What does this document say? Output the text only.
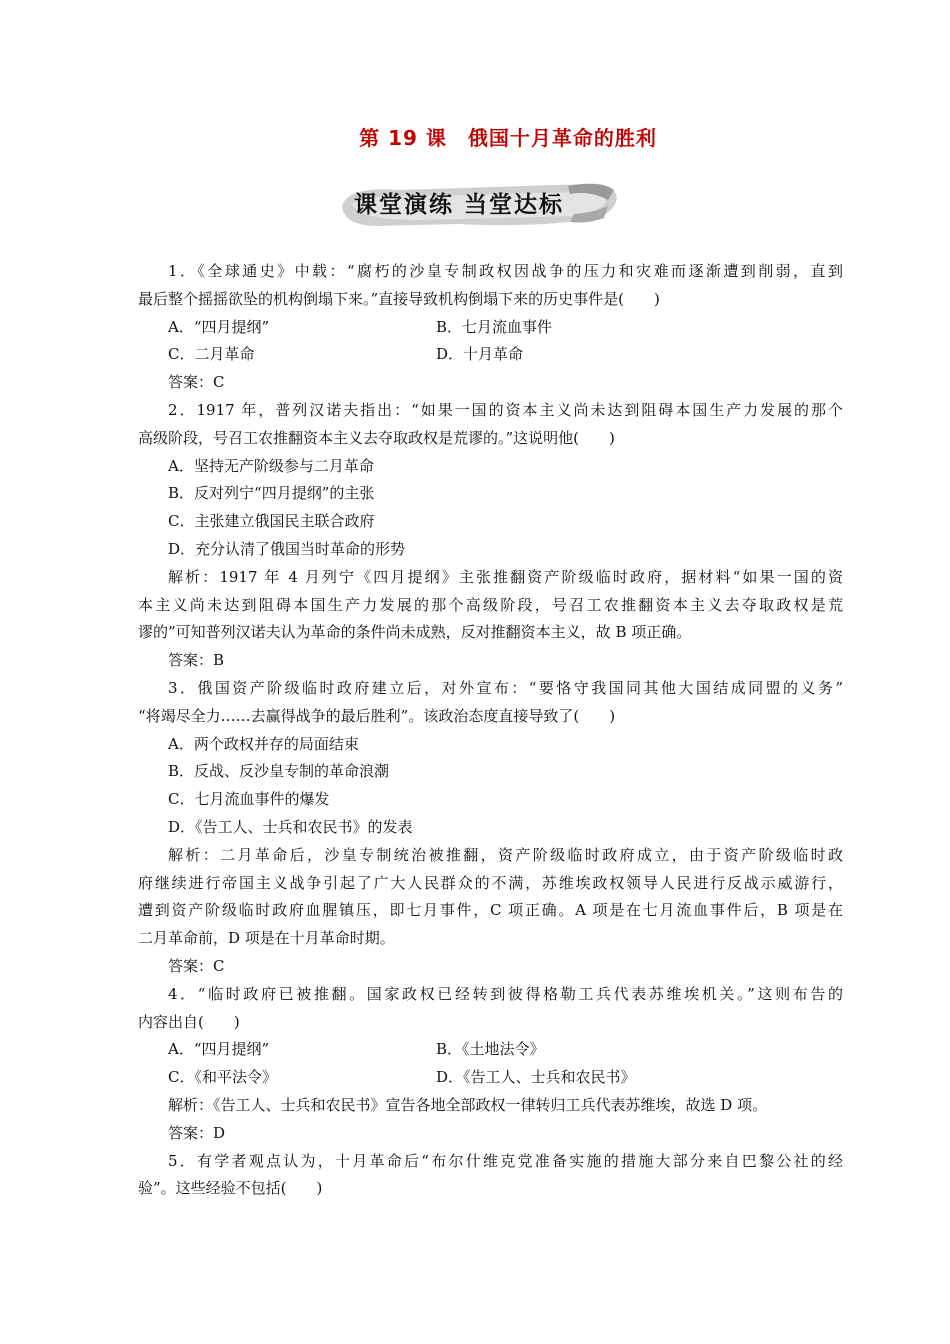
第 19 课　俄国十月革命的胜利
课堂演练 当堂达标
1．《全球通史》中载：“腐朽的沙皇专制政权因战争的压力和灾难而逐渐遭到削弱，直到
最后整个摇摇欲坠的机构倒塌下来。”直接导致机构倒塌下来的历史事件是(　　)
A．“四月提纲”	B．七月流血事件
C．二月革命	D．十月革命
答案：C
2．1917 年，普列汉诺夫指出：“如果一国的资本主义尚未达到阻碍本国生产力发展的那个
高级阶段，号召工农推翻资本主义去夺取政权是荒谬的。”这说明他(　　)
A．坚持无产阶级参与二月革命
B．反对列宁“四月提纲”的主张
C．主张建立俄国民主联合政府
D．充分认清了俄国当时革命的形势
解析：1917 年 4 月列宁《四月提纲》主张推翻资产阶级临时政府，据材料“如果一国的资
本主义尚未达到阻碍本国生产力发展的那个高级阶段，号召工农推翻资本主义去夺取政权是荒
谬的”可知普列汉诺夫认为革命的条件尚未成熟，反对推翻资本主义，故 B 项正确。
答案：B
3．俄国资产阶级临时政府建立后，对外宣布：“要恪守我国同其他大国结成同盟的义务”
“将竭尽全力……去赢得战争的最后胜利”。该政治态度直接导致了(　　)
A．两个政权并存的局面结束
B．反战、反沙皇专制的革命浪潮
C．七月流血事件的爆发
D．《告工人、士兵和农民书》的发表
解析：二月革命后，沙皇专制统治被推翻，资产阶级临时政府成立，由于资产阶级临时政
府继续进行帝国主义战争引起了广大人民群众的不满，苏维埃政权领导人民进行反战示威游行，
遭到资产阶级临时政府血腥镇压，即七月事件，C 项正确。A 项是在七月流血事件后，B 项是在
二月革命前，D 项是在十月革命时期。
答案：C
4．“临时政府已被推翻。国家政权已经转到彼得格勒工兵代表苏维埃机关。”这则布告的
内容出自(　　)
A．“四月提纲”	B．《土地法令》
C．《和平法令》	D．《告工人、士兵和农民书》
解析：《告工人、士兵和农民书》宣告各地全部政权一律转归工兵代表苏维埃，故选 D 项。
答案：D
5．有学者观点认为，十月革命后“布尔什维克党准备实施的措施大部分来自巴黎公社的经
验”。这些经验不包括(　　)
